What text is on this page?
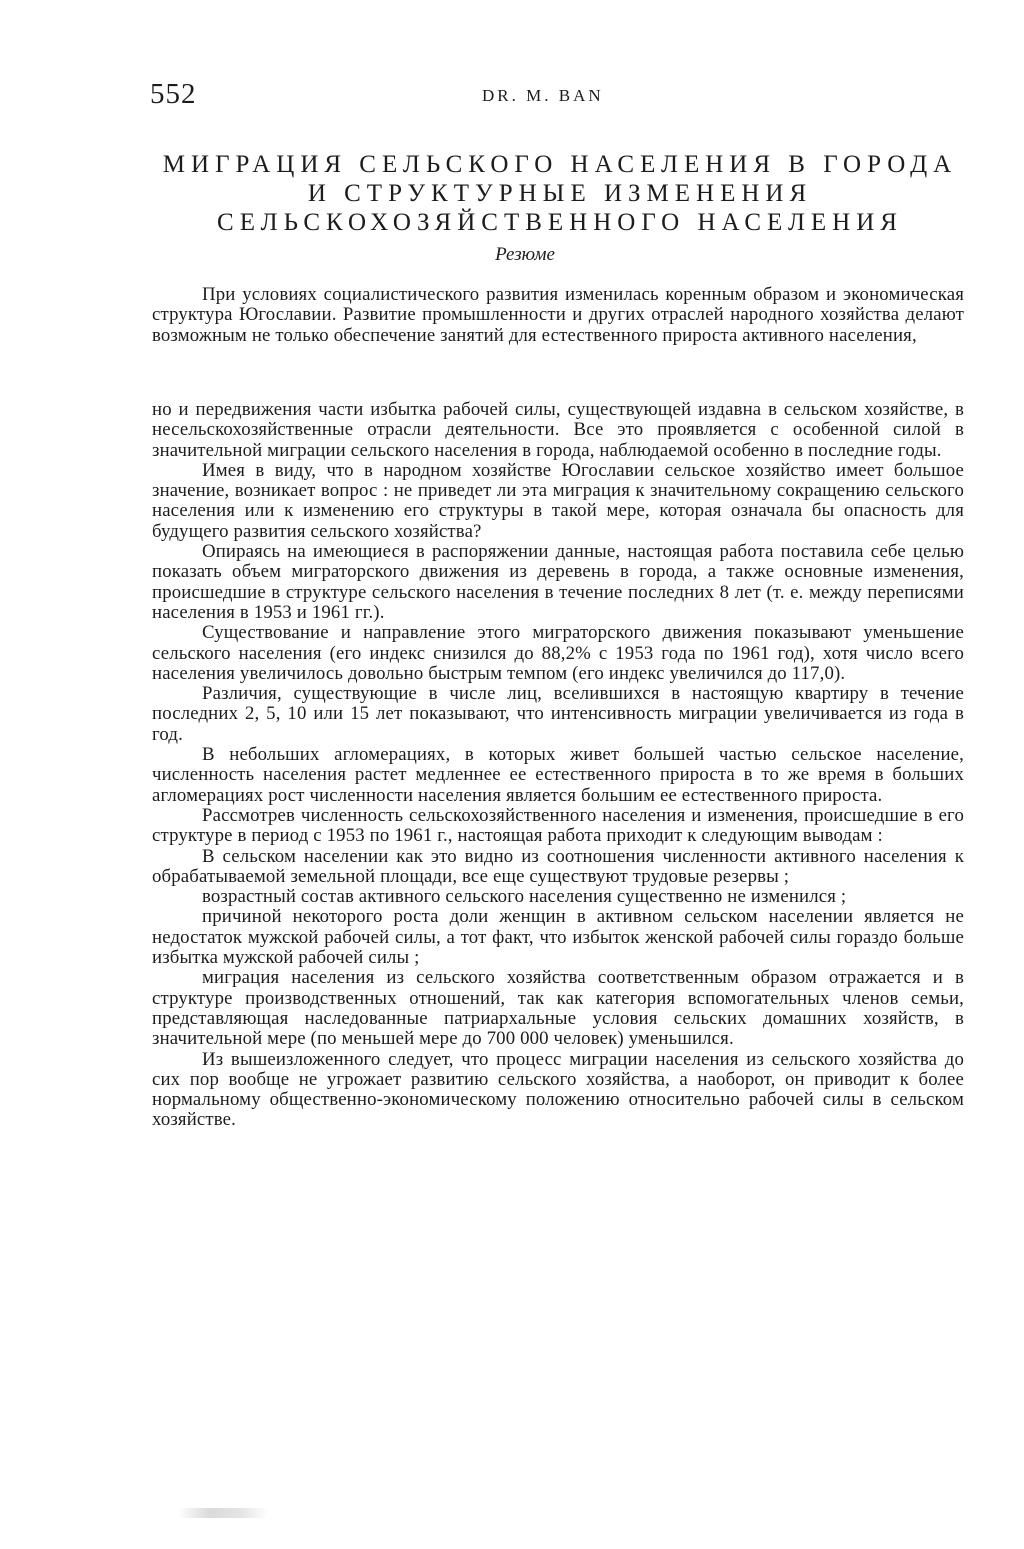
552	DR. M. BAN
МИГРАЦИЯ СЕЛЬСКОГО НАСЕЛЕНИЯ В ГОРОДА
И СТРУКТУРНЫЕ ИЗМЕНЕНИЯ
СЕЛЬСКОХОЗЯЙСТВЕННОГО НАСЕЛЕНИЯ
Резюме

При условиях социалистического развития изменилась коренным образом и экономическая структура Югославии. Развитие промышленности и других отраслей народного хозяйства делают возможным не только обеспечение занятий для естественного прироста активного населения,

но и передвижения части избытка рабочей силы, существующей издавна в сельском хозяйстве, в несельскохозяйственные отрасли деятельности. Все это проявляется с особенной силой в значительной миграции сельского населения в города, наблюдаемой особенно в последние годы.

Имея в виду, что в народном хозяйстве Югославии сельское хозяйство имеет большое значение, возникает вопрос : не приведет ли эта миграция к значительному сокращению сельского населения или к изменению его структуры в такой мере, которая означала бы опасность для будущего развития сельского хозяйства?

Опираясь на имеющиеся в распоряжении данные, настоящая работа поставила себе целью показать объем миграторского движения из деревень в города, а также основные изменения, происшедшие в структуре сельского населения в течение последних 8 лет (т. е. между переписями населения в 1953 и 1961 гг.).

Существование и направление этого миграторского движения показывают уменьшение сельского населения (его индекс снизился до 88,2% с 1953 года по 1961 год), хотя число всего населения увеличилось довольно быстрым темпом (его индекс увеличился до 117,0).

Различия, существующие в числе лиц, вселившихся в настоящую квартиру в течение последних 2, 5, 10 или 15 лет показывают, что интенсивность миграции увеличивается из года в год.

В небольших агломерациях, в которых живет большей частью сельское население, численность населения растет медленнее ее естественного прироста в то же время в больших агломерациях рост численности населения является большим ее естественного прироста.

Рассмотрев численность сельскохозяйственного населения и изменения, происшедшие в его структуре в период с 1953 по 1961 г., настоящая работа приходит к следующим выводам :

В сельском населении как это видно из соотношения численности активного населения к обрабатываемой земельной площади, все еще существуют трудовые резервы ;

возрастный состав активного сельского населения существенно не изменился ;

причиной некоторого роста доли женщин в активном сельском населении является не недостаток мужской рабочей силы, а тот факт, что избыток женской рабочей силы гораздо больше избытка мужской рабочей силы ;

миграция населения из сельского хозяйства соответственным образом отражается и в структуре производственных отношений, так как категория вспомогательных членов семьи, представляющая наследованные патриархальные условия сельских домашних хозяйств, в значительной мере (по меньшей мере до 700 000 человек) уменьшился.

Из вышеизложенного следует, что процесс миграции населения из сельского хозяйства до сих пор вообще не угрожает развитию сельского хозяйства, а наоборот, он приводит к более нормальному общественно-экономическому положению относительно рабочей силы в сельском хозяйстве.
